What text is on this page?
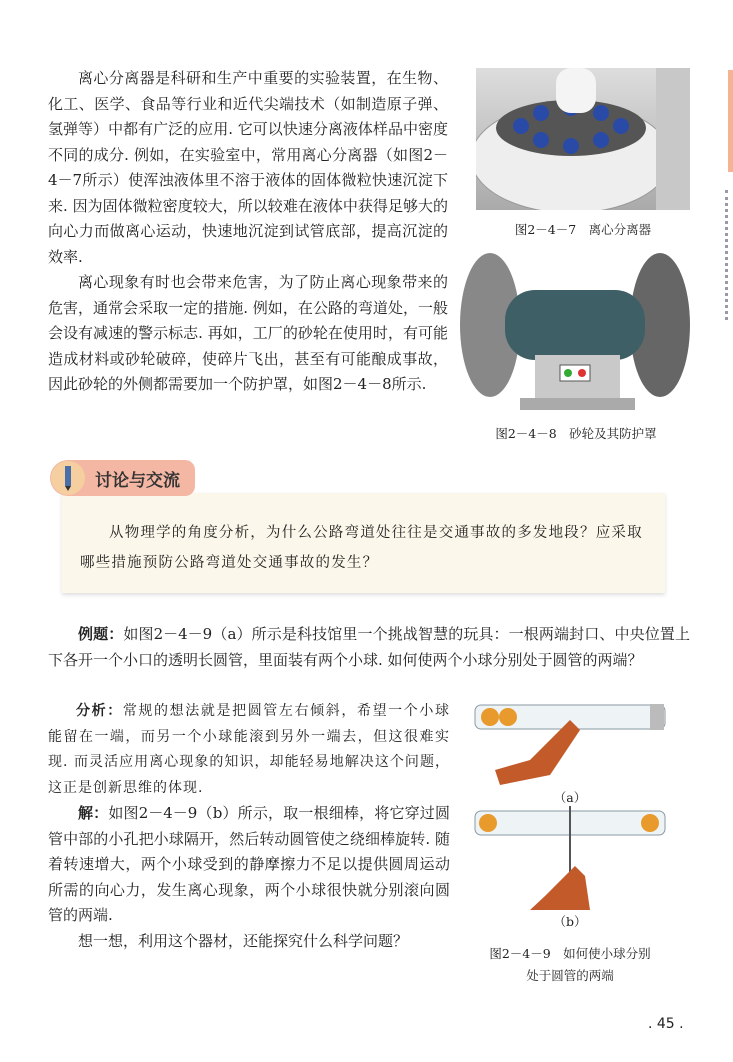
离心分离器是科研和生产中重要的实验装置，在生物、化工、医学、食品等行业和近代尖端技术（如制造原子弹、氢弹等）中都有广泛的应用. 它可以快速分离液体样品中密度不同的成分. 例如，在实验室中，常用离心分离器（如图2－4－7所示）使浑浊液体里不溶于液体的固体微粒快速沉淀下来. 因为固体微粒密度较大，所以较难在液体中获得足够大的向心力而做离心运动，快速地沉淀到试管底部，提高沉淀的效率.
离心现象有时也会带来危害，为了防止离心现象带来的危害，通常会采取一定的措施. 例如，在公路的弯道处，一般会设有减速的警示标志. 再如，工厂的砂轮在使用时，有可能造成材料或砂轮破碎，使碎片飞出，甚至有可能酿成事故，因此砂轮的外侧都需要加一个防护罩，如图2－4－8所示.
图2－4－7　离心分离器
图2－4－8　砂轮及其防护罩
讨论与交流
从物理学的角度分析，为什么公路弯道处往往是交通事故的多发地段？应采取哪些措施预防公路弯道处交通事故的发生？
例题：如图2－4－9（a）所示是科技馆里一个挑战智慧的玩具：一根两端封口、中央位置上下各开一个小口的透明长圆管，里面装有两个小球. 如何使两个小球分别处于圆管的两端？
分析：常规的想法就是把圆管左右倾斜，希望一个小球能留在一端，而另一个小球能滚到另外一端去，但这很难实现. 而灵活应用离心现象的知识，却能轻易地解决这个问题，这正是创新思维的体现.
解：如图2－4－9（b）所示，取一根细棒，将它穿过圆管中部的小孔把小球隔开，然后转动圆管使之绕细棒旋转. 随着转速增大，两个小球受到的静摩擦力不足以提供圆周运动所需的向心力，发生离心现象，两个小球很快就分别滚向圆管的两端.
想一想，利用这个器材，还能探究什么科学问题？
（a）
（b）
图2－4－9　如何使小球分别
处于圆管的两端
. 45 .
